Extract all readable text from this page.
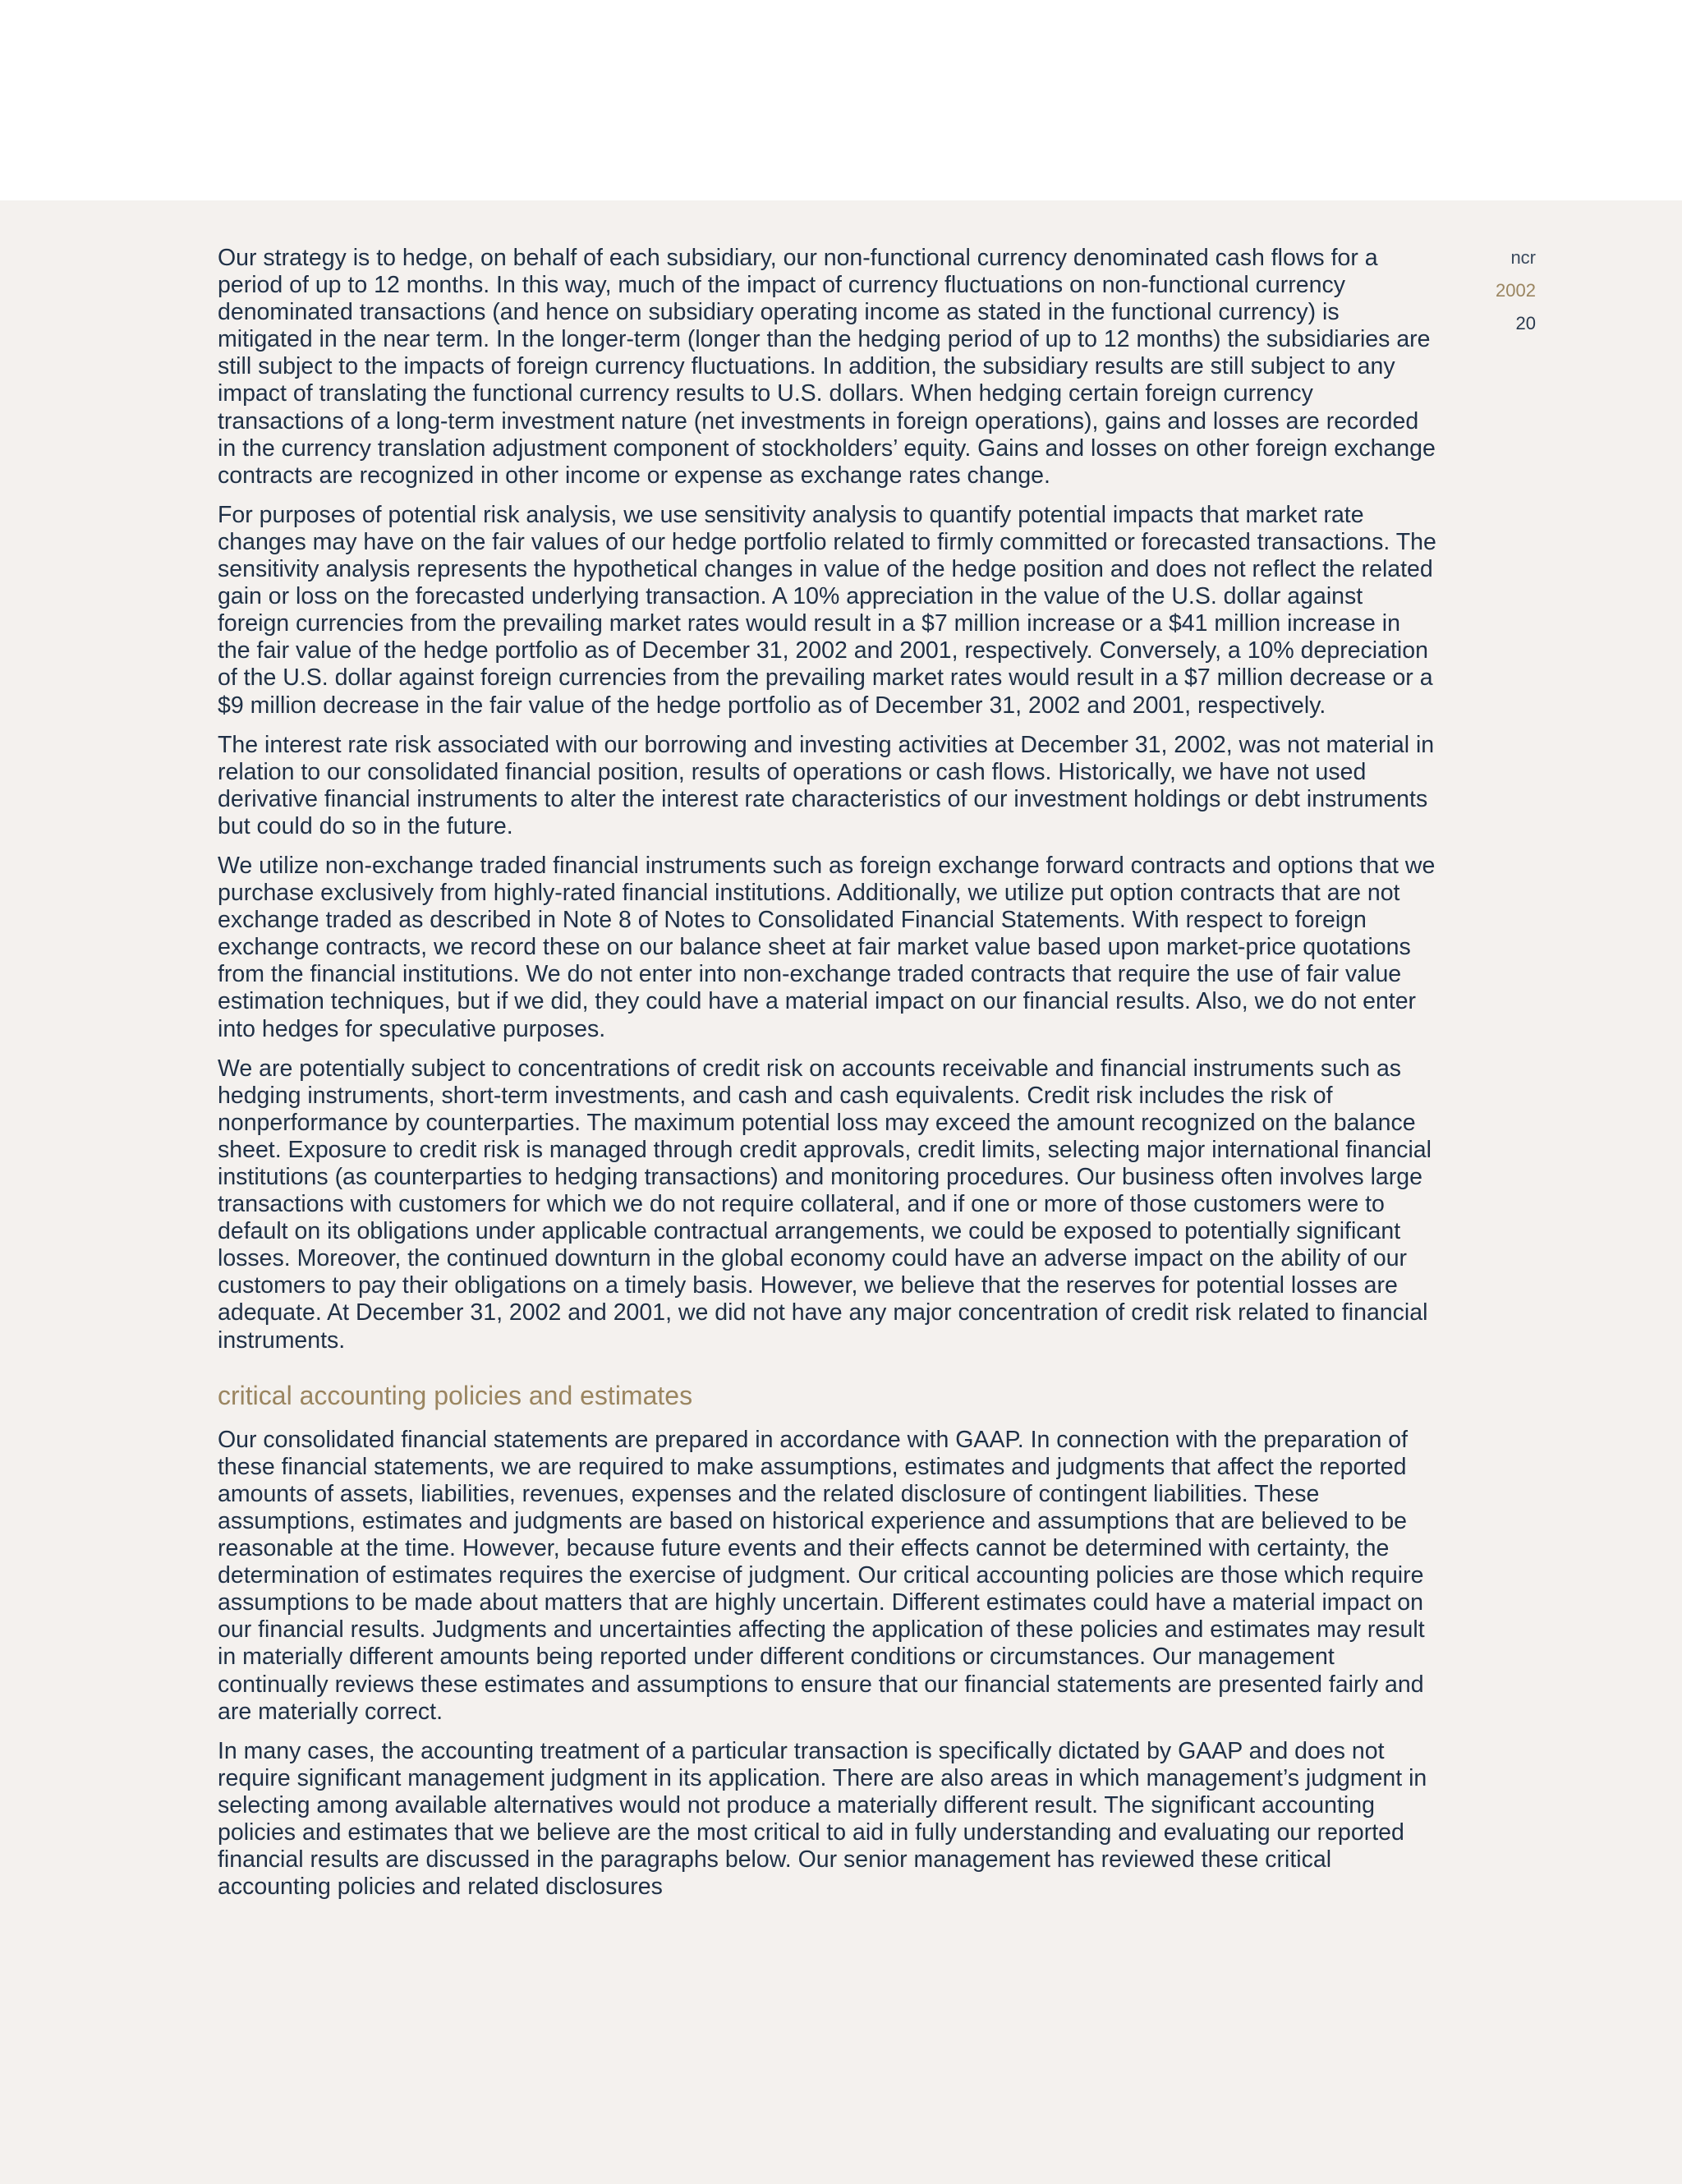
ncr
2002
20

Our strategy is to hedge, on behalf of each subsidiary, our non-functional currency denominated cash flows for a period of up to 12 months. In this way, much of the impact of currency fluctuations on non-functional currency denominated transactions (and hence on subsidiary operating income as stated in the functional currency) is mitigated in the near term. In the longer-term (longer than the hedging period of up to 12 months) the subsidiaries are still subject to the impacts of foreign currency fluctuations. In addition, the subsidiary results are still subject to any impact of translating the functional currency results to U.S. dollars. When hedging certain foreign currency transactions of a long-term investment nature (net investments in foreign operations), gains and losses are recorded in the currency translation adjustment component of stockholders’ equity. Gains and losses on other foreign exchange contracts are recognized in other income or expense as exchange rates change.

For purposes of potential risk analysis, we use sensitivity analysis to quantify potential impacts that market rate changes may have on the fair values of our hedge portfolio related to firmly committed or forecasted transactions. The sensitivity analysis represents the hypothetical changes in value of the hedge position and does not reflect the related gain or loss on the forecasted underlying transaction. A 10% appreciation in the value of the U.S. dollar against foreign currencies from the prevailing market rates would result in a $7 million increase or a $41 million increase in the fair value of the hedge portfolio as of December 31, 2002 and 2001, respectively. Conversely, a 10% depreciation of the U.S. dollar against foreign currencies from the prevailing market rates would result in a $7 million decrease or a $9 million decrease in the fair value of the hedge portfolio as of December 31, 2002 and 2001, respectively.

The interest rate risk associated with our borrowing and investing activities at December 31, 2002, was not material in relation to our consolidated financial position, results of operations or cash flows. Historically, we have not used derivative financial instruments to alter the interest rate characteristics of our investment holdings or debt instruments but could do so in the future.

We utilize non-exchange traded financial instruments such as foreign exchange forward contracts and options that we purchase exclusively from highly-rated financial institutions. Additionally, we utilize put option contracts that are not exchange traded as described in Note 8 of Notes to Consolidated Financial Statements. With respect to foreign exchange contracts, we record these on our balance sheet at fair market value based upon market-price quotations from the financial institutions. We do not enter into non-exchange traded contracts that require the use of fair value estimation techniques, but if we did, they could have a material impact on our financial results. Also, we do not enter into hedges for speculative purposes.

We are potentially subject to concentrations of credit risk on accounts receivable and financial instruments such as hedging instruments, short-term investments, and cash and cash equivalents. Credit risk includes the risk of nonperformance by counterparties. The maximum potential loss may exceed the amount recognized on the balance sheet. Exposure to credit risk is managed through credit approvals, credit limits, selecting major international financial institutions (as counterparties to hedging transactions) and monitoring procedures. Our business often involves large transactions with customers for which we do not require collateral, and if one or more of those customers were to default on its obligations under applicable contractual arrangements, we could be exposed to potentially significant losses. Moreover, the continued downturn in the global economy could have an adverse impact on the ability of our customers to pay their obligations on a timely basis. However, we believe that the reserves for potential losses are adequate. At December 31, 2002 and 2001, we did not have any major concentration of credit risk related to financial instruments.

critical accounting policies and estimates

Our consolidated financial statements are prepared in accordance with GAAP. In connection with the preparation of these financial statements, we are required to make assumptions, estimates and judgments that affect the reported amounts of assets, liabilities, revenues, expenses and the related disclosure of contingent liabilities. These assumptions, estimates and judgments are based on historical experience and assumptions that are believed to be reasonable at the time. However, because future events and their effects cannot be determined with certainty, the determination of estimates requires the exercise of judgment. Our critical accounting policies are those which require assumptions to be made about matters that are highly uncertain. Different estimates could have a material impact on our financial results. Judgments and uncertainties affecting the application of these policies and estimates may result in materially different amounts being reported under different conditions or circumstances. Our management continually reviews these estimates and assumptions to ensure that our financial statements are presented fairly and are materially correct.

In many cases, the accounting treatment of a particular transaction is specifically dictated by GAAP and does not require significant management judgment in its application. There are also areas in which management’s judgment in selecting among available alternatives would not produce a materially different result. The significant accounting policies and estimates that we believe are the most critical to aid in fully understanding and evaluating our reported financial results are discussed in the paragraphs below. Our senior management has reviewed these critical accounting policies and related disclosures
